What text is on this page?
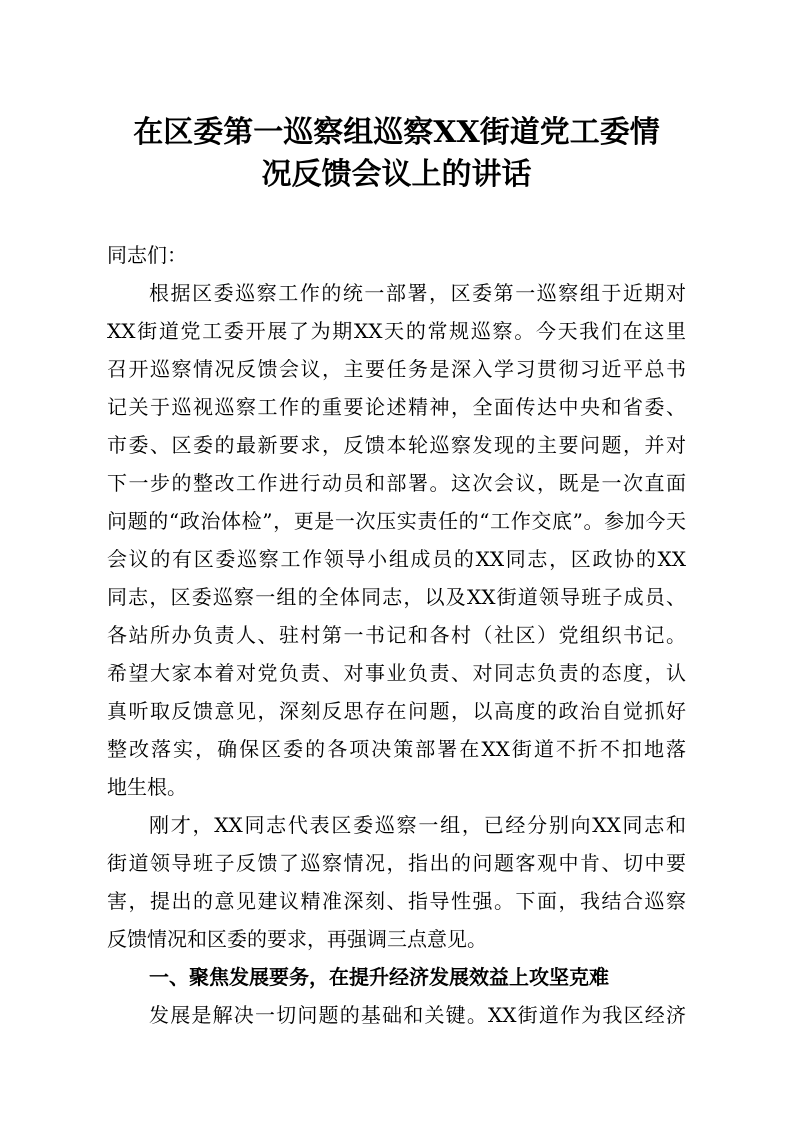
在区委第一巡察组巡察XX街道党工委情
况反馈会议上的讲话
同志们：
根据区委巡察工作的统一部署，区委第一巡察组于近期对
XX街道党工委开展了为期XX天的常规巡察。今天我们在这里
召开巡察情况反馈会议，主要任务是深入学习贯彻习近平总书
记关于巡视巡察工作的重要论述精神，全面传达中央和省委、
市委、区委的最新要求，反馈本轮巡察发现的主要问题，并对
下一步的整改工作进行动员和部署。这次会议，既是一次直面
问题的“政治体检”，更是一次压实责任的“工作交底”。参加今天
会议的有区委巡察工作领导小组成员的XX同志，区政协的XX
同志，区委巡察一组的全体同志，以及XX街道领导班子成员、
各站所办负责人、驻村第一书记和各村（社区）党组织书记。
希望大家本着对党负责、对事业负责、对同志负责的态度，认
真听取反馈意见，深刻反思存在问题，以高度的政治自觉抓好
整改落实，确保区委的各项决策部署在XX街道不折不扣地落
地生根。
刚才，XX同志代表区委巡察一组，已经分别向XX同志和
街道领导班子反馈了巡察情况，指出的问题客观中肯、切中要
害，提出的意见建议精准深刻、指导性强。下面，我结合巡察
反馈情况和区委的要求，再强调三点意见。
一、聚焦发展要务，在提升经济发展效益上攻坚克难
发展是解决一切问题的基础和关键。XX街道作为我区经济
